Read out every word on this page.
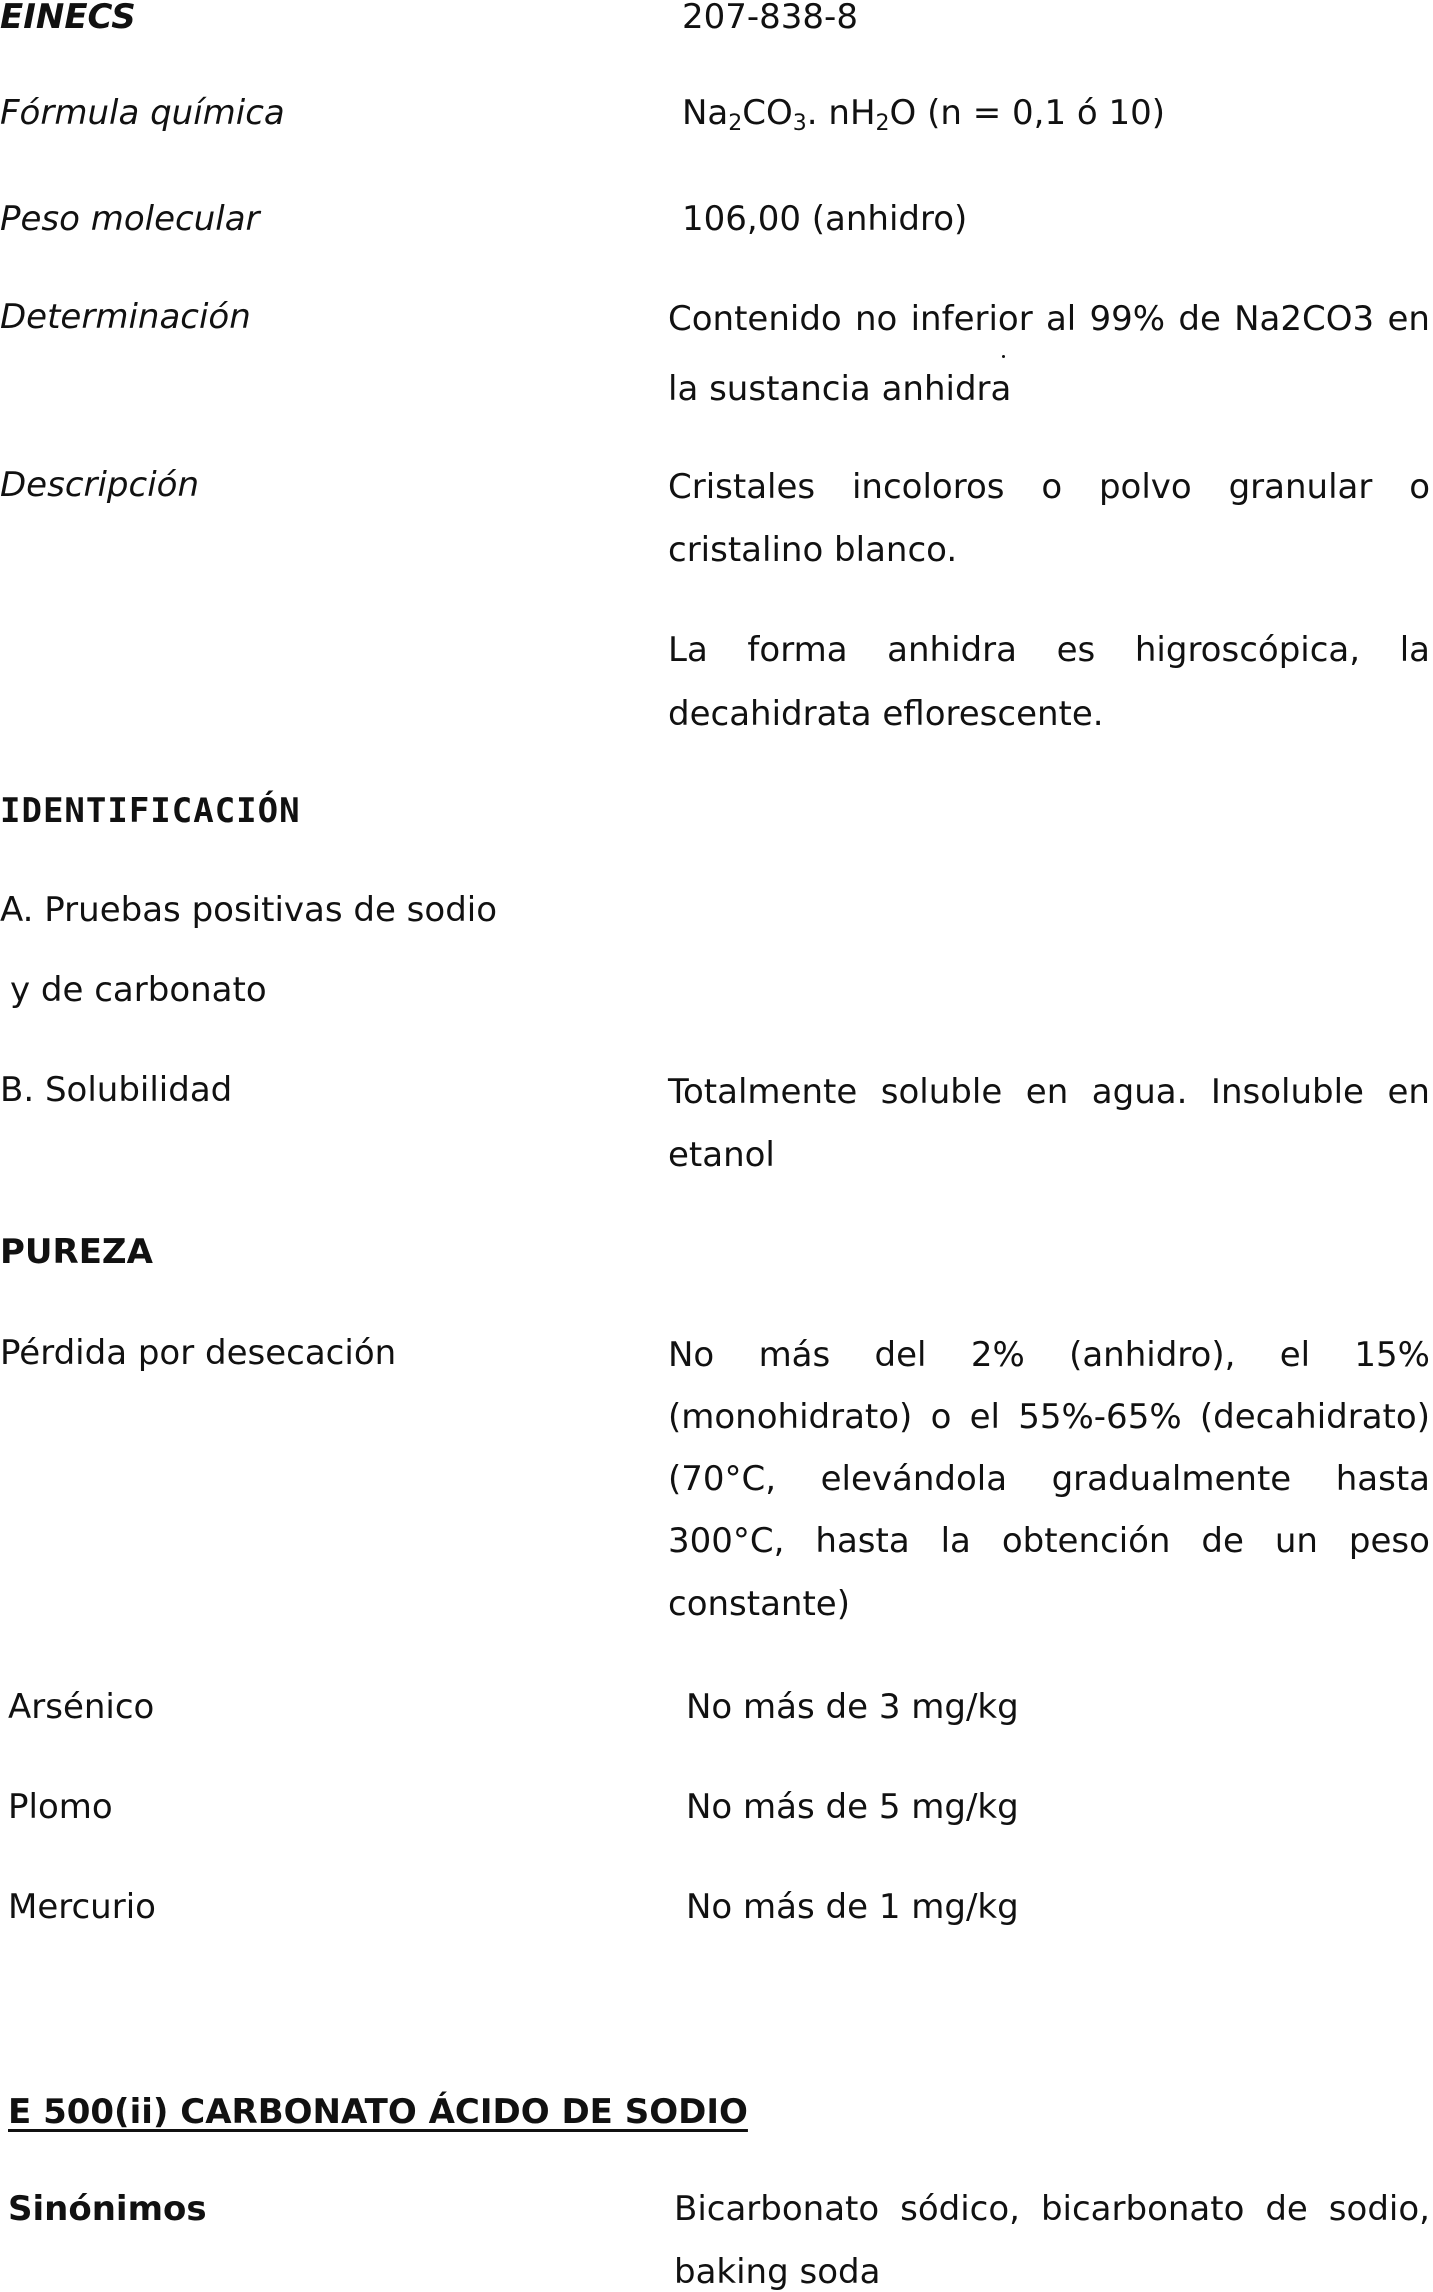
EINECS	207-838-8
Fórmula química	$Na_2CO_3$. $nH_2O$ (n = 0,1 ó 10)
Peso molecular	106,00 (anhidro)
Determinación	Contenido no inferior al 99% de Na2CO3 en
la sustancia anhidra
Descripción	Cristales incoloros o polvo granular o
cristalino blanco.
La forma anhidra es higroscópica, la
decahidrata eflorescente.
IDENTIFICACIÓN
A. Pruebas positivas de sodio
y de carbonato
B. Solubilidad	Totalmente soluble en agua. Insoluble en
etanol
PUREZA
Pérdida por desecación	No más del 2% (anhidro), el 15%
(monohidrato) o el 55%-65% (decahidrato)
(70°C, elevándola gradualmente hasta
300°C, hasta la obtención de un peso
constante)
Arsénico	No más de 3 mg/kg
Plomo	No más de 5 mg/kg
Mercurio	No más de 1 mg/kg
E 500(ii) CARBONATO ÁCIDO DE SODIO
Sinónimos	Bicarbonato sódico, bicarbonato de sodio,
baking soda
